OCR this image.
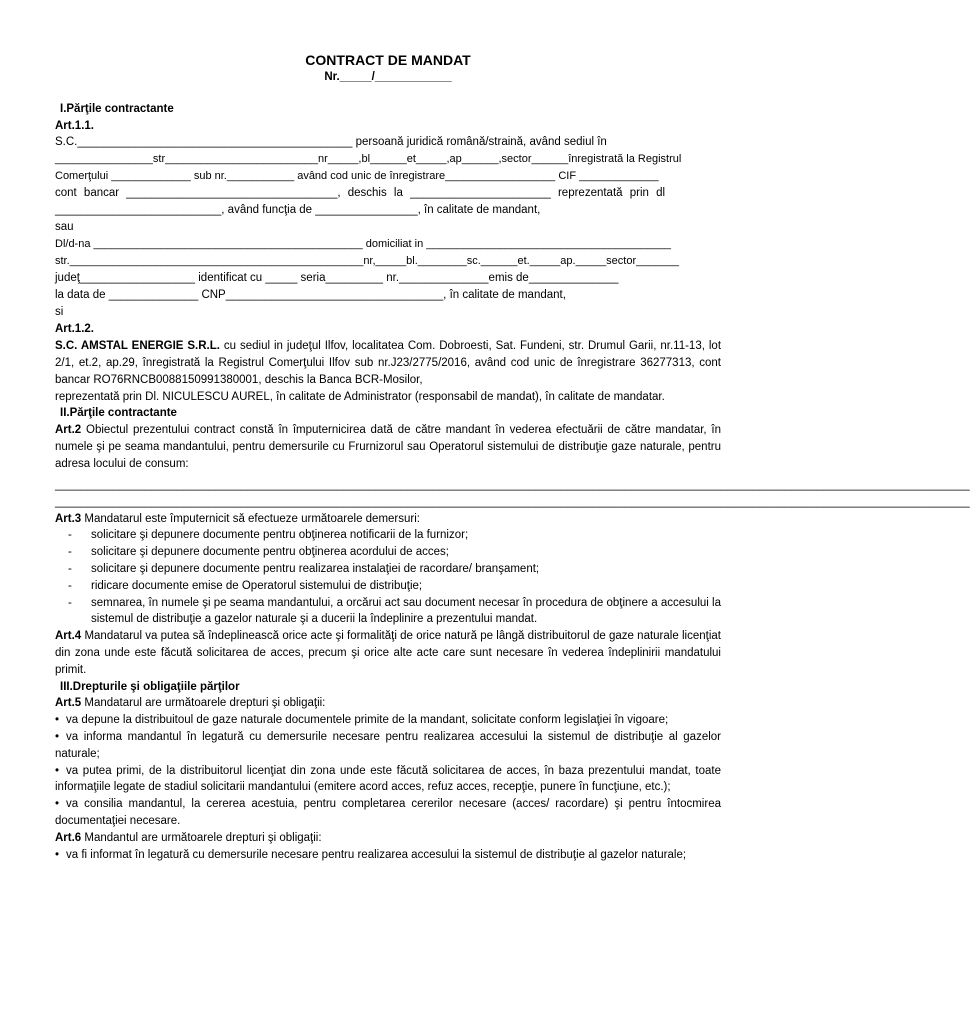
CONTRACT DE MANDAT
Nr._____/____________

I.Părţile contractante

Art.1.1.

S.C.___________________________________________ persoană juridică română/straină, având sediul în

________________str_________________________nr_____,bl______et_____,ap______,sector______înregistrată la Registrul

Comerţului _____________ sub nr.___________ având cod unic de înregistrare__________________ CIF _____________

cont bancar _________________________________, deschis la ______________________ reprezentată prin dl

__________________________, având funcţia de ________________, în calitate de mandant,

sau

Dl/d-na ____________________________________________ domiciliat in ________________________________________

str.________________________________________________nr,_____bl.________sc.______et._____ap._____sector_______

judeţ__________________ identificat cu _____ seria_________ nr.______________emis de______________

la data de ______________ CNP__________________________________, în calitate de mandant,

si

Art.1.2.

S.C. AMSTAL ENERGIE S.R.L. cu sediul in judeţul Ilfov, localitatea Com. Dobroesti, Sat. Fundeni, str. Drumul Garii, nr.11-13, lot 2/1, et.2, ap.29, înregistrată la Registrul Comerţului Ilfov sub nr.J23/2775/2016, având cod unic de înregistrare 36277313, cont bancar RO76RNCB0088150991380001, deschis la Banca BCR-Mosilor,

reprezentată prin Dl. NICULESCU AUREL, în calitate de Administrator (responsabil de mandat), în calitate de mandatar.

II.Părţile contractante

Art.2 Obiectul prezentului contract constă în împuternicirea dată de către mandant în vederea efectuării de către mandatar, în numele şi pe seama mandantului, pentru demersurile cu Frurnizorul sau Operatorul sistemului de distribuţie gaze naturale, pentru adresa locului de consum:

_______________________________________________________________________________________________________________________________________________

_______________________________________________________________________________________________________________________________________________

Art.3 Mandatarul este împuternicit să efectueze următoarele demersuri:

- solicitare şi depunere documente pentru obţinerea notificarii de la furnizor;
- solicitare şi depunere documente pentru obţinerea acordului de acces;
- solicitare şi depunere documente pentru realizarea instalaţiei de racordare/ branşament;
- ridicare documente emise de Operatorul sistemului de distribuţie;
- semnarea, în numele şi pe seama mandantului, a orcărui act sau document necesar în procedura de obţinere a accesului la sistemul de distribuţie a gazelor naturale şi a ducerii la îndeplinire a prezentului mandat.

Art.4 Mandatarul va putea să îndeplinească orice acte şi formalităţi de orice natură pe lângă distribuitorul de gaze naturale licenţiat din zona unde este făcută solicitarea de acces, precum şi orice alte acte care sunt necesare în vederea îndeplinirii mandatului primit.

III.Drepturile şi obligaţiile părţilor

Art.5 Mandatarul are următoarele drepturi şi obligaţii:

• va depune la distribuitoul de gaze naturale documentele primite de la mandant, solicitate conform legislaţiei în vigoare;

• va informa mandantul în legatură cu demersurile necesare pentru realizarea accesului la sistemul de distribuţie al gazelor naturale;

• va putea primi, de la distribuitorul licenţiat din zona unde este făcută solicitarea de acces, în baza prezentului mandat, toate informaţiile legate de stadiul solicitarii mandantului (emitere acord acces, refuz acces, recepţie, punere în funcţiune, etc.);

• va consilia mandantul, la cererea acestuia, pentru completarea cererilor necesare (acces/ racordare) şi pentru întocmirea documentaţiei necesare.

Art.6 Mandantul are următoarele drepturi şi obligaţii:

• va fi informat în legatură cu demersurile necesare pentru realizarea accesului la sistemul de distribuţie al gazelor naturale;
